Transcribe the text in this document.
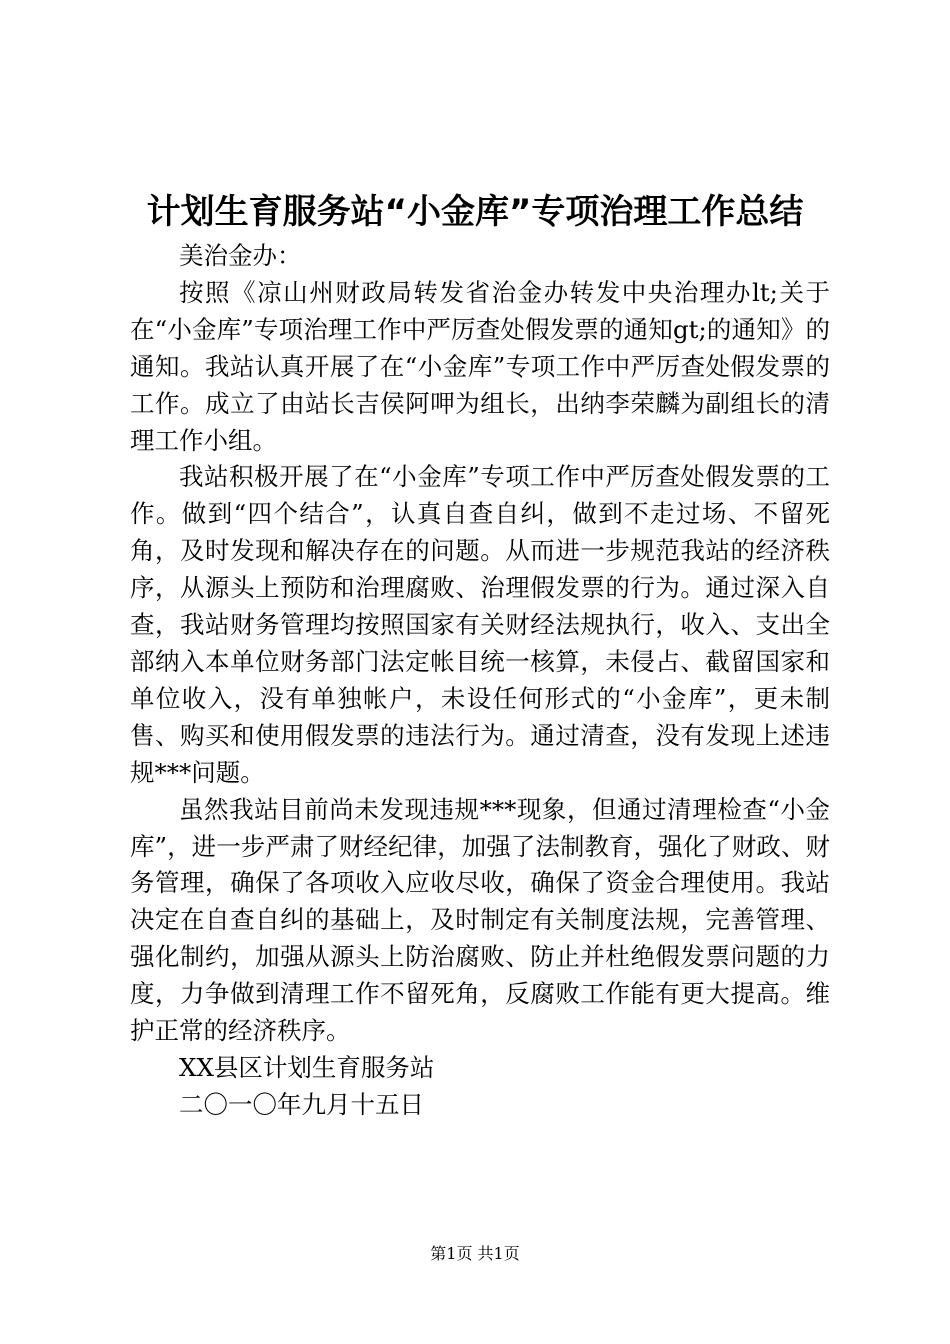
计划生育服务站“小金库”专项治理工作总结

美治金办：

按照《凉山州财政局转发省治金办转发中央治理办lt;关于在“小金库”专项治理工作中严厉查处假发票的通知gt;的通知》的通知。我站认真开展了在“小金库”专项工作中严厉查处假发票的工作。成立了由站长吉侯阿呷为组长，出纳李荣麟为副组长的清理工作小组。

我站积极开展了在“小金库”专项工作中严厉查处假发票的工作。做到“四个结合”，认真自查自纠，做到不走过场、不留死角，及时发现和解决存在的问题。从而进一步规范我站的经济秩序，从源头上预防和治理腐败、治理假发票的行为。通过深入自查，我站财务管理均按照国家有关财经法规执行，收入、支出全部纳入本单位财务部门法定帐目统一核算，未侵占、截留国家和单位收入，没有单独帐户，未设任何形式的“小金库”，更未制售、购买和使用假发票的违法行为。通过清查，没有发现上述违规***问题。

虽然我站目前尚未发现违规***现象，但通过清理检查“小金库”，进一步严肃了财经纪律，加强了法制教育，强化了财政、财务管理，确保了各项收入应收尽收，确保了资金合理使用。我站决定在自查自纠的基础上，及时制定有关制度法规，完善管理、强化制约，加强从源头上防治腐败、防止并杜绝假发票问题的力度，力争做到清理工作不留死角，反腐败工作能有更大提高。维护正常的经济秩序。

XX县区计划生育服务站

二〇一〇年九月十五日

第1页 共1页
